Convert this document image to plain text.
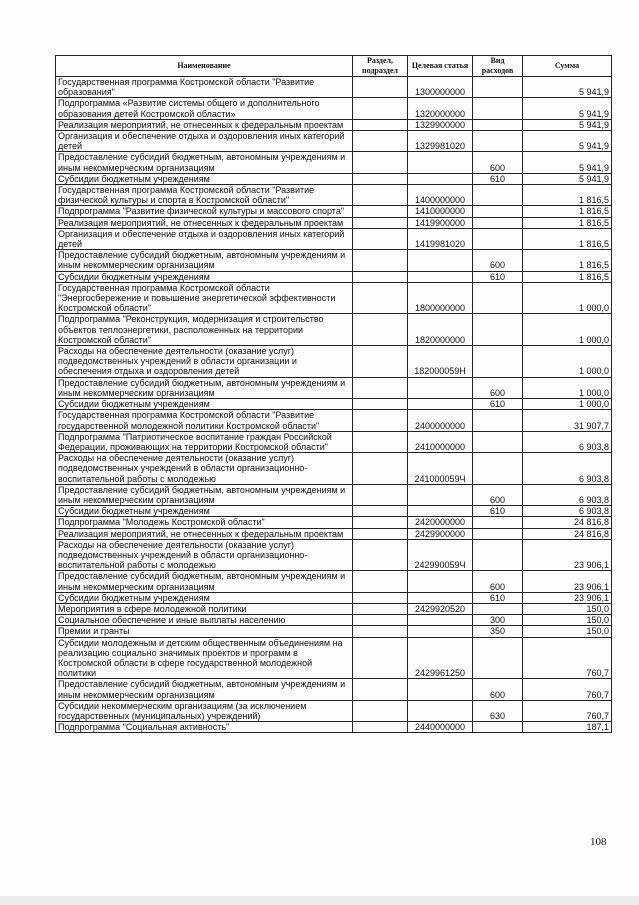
Наименование	Раздел, подраздел	Целевая статья	Вид расходов	Сумма
Государственная программа Костромской области "Развитие образования"		1300000000		5 941,9
Подпрограмма «Развитие системы общего и дополнительного образования детей Костромской области»		1320000000		5 941,9
Реализация мероприятий, не отнесенных к федеральным проектам		1329900000		5 941,9
Организация и обеспечение отдыха и оздоровления иных категорий детей		1329981020		5 941,9
Предоставление субсидий бюджетным, автономным учреждениям и иным некоммерческим организациям			600	5 941,9
Субсидии бюджетным учреждениям			610	5 941,9
Государственная программа Костромской области "Развитие физической культуры и спорта в Костромской области"		1400000000		1 816,5
Подпрограмма "Развитие физической культуры и массового спорта"		1410000000		1 816,5
Реализация мероприятий, не отнесенных к федеральным проектам		1419900000		1 816,5
Организация и обеспечение отдыха и оздоровления иных категорий детей		1419981020		1 816,5
Предоставление субсидий бюджетным, автономным учреждениям и иным некоммерческим организациям			600	1 816,5
Субсидии бюджетным учреждениям			610	1 816,5
Государственная программа Костромской области "Энергосбережение и повышение энергетической эффективности Костромской области"		1800000000		1 000,0
Подпрограмма "Реконструкция, модернизация и строительство объектов теплоэнергетики, расположенных на территории Костромской области"		1820000000		1 000,0
Расходы на обеспечение деятельности (оказание услуг) подведомственных учреждений в области организации и обеспечения отдыха и оздоровления детей		182000059Н		1 000,0
Предоставление субсидий бюджетным, автономным учреждениям и иным некоммерческим организациям			600	1 000,0
Субсидии бюджетным учреждениям			610	1 000,0
Государственная программа Костромской области "Развитие государственной молодежной политики Костромской области"		2400000000		31 907,7
Подпрограмма "Патриотическое воспитание граждан Российской Федерации, проживающих на территории Костромской области"		2410000000		6 903,8
Расходы на обеспечение деятельности (оказание услуг) подведомственных учреждений в области организационно-воспитательной работы с молодежью		241000059Ч		6 903,8
Предоставление субсидий бюджетным, автономным учреждениям и иным некоммерческим организациям			600	6 903,8
Субсидии бюджетным учреждениям			610	6 903,8
Подпрограмма "Молодежь Костромской области"		2420000000		24 816,8
Реализация мероприятий, не отнесенных к федеральным проектам		2429900000		24 816,8
Расходы на обеспечение деятельности (оказание услуг) подведомственных учреждений в области организационно-воспитательной работы с молодежью		242990059Ч		23 906,1
Предоставление субсидий бюджетным, автономным учреждениям и иным некоммерческим организациям			600	23 906,1
Субсидии бюджетным учреждениям			610	23 906,1
Мероприятия в сфере молодежной политики		2429920520		150,0
Социальное обеспечение и иные выплаты населению			300	150,0
Премии и гранты			350	150,0
Субсидии молодежным и детским общественным объединениям на реализацию социально значимых проектов и программ в Костромской области в сфере государственной молодежной политики		2429961250		760,7
Предоставление субсидий бюджетным, автономным учреждениям и иным некоммерческим организациям			600	760,7
Субсидии некоммерческим организациям (за исключением государственных (муниципальных) учреждений)			630	760,7
Подпрограмма "Социальная активность"		2440000000		187,1
108
